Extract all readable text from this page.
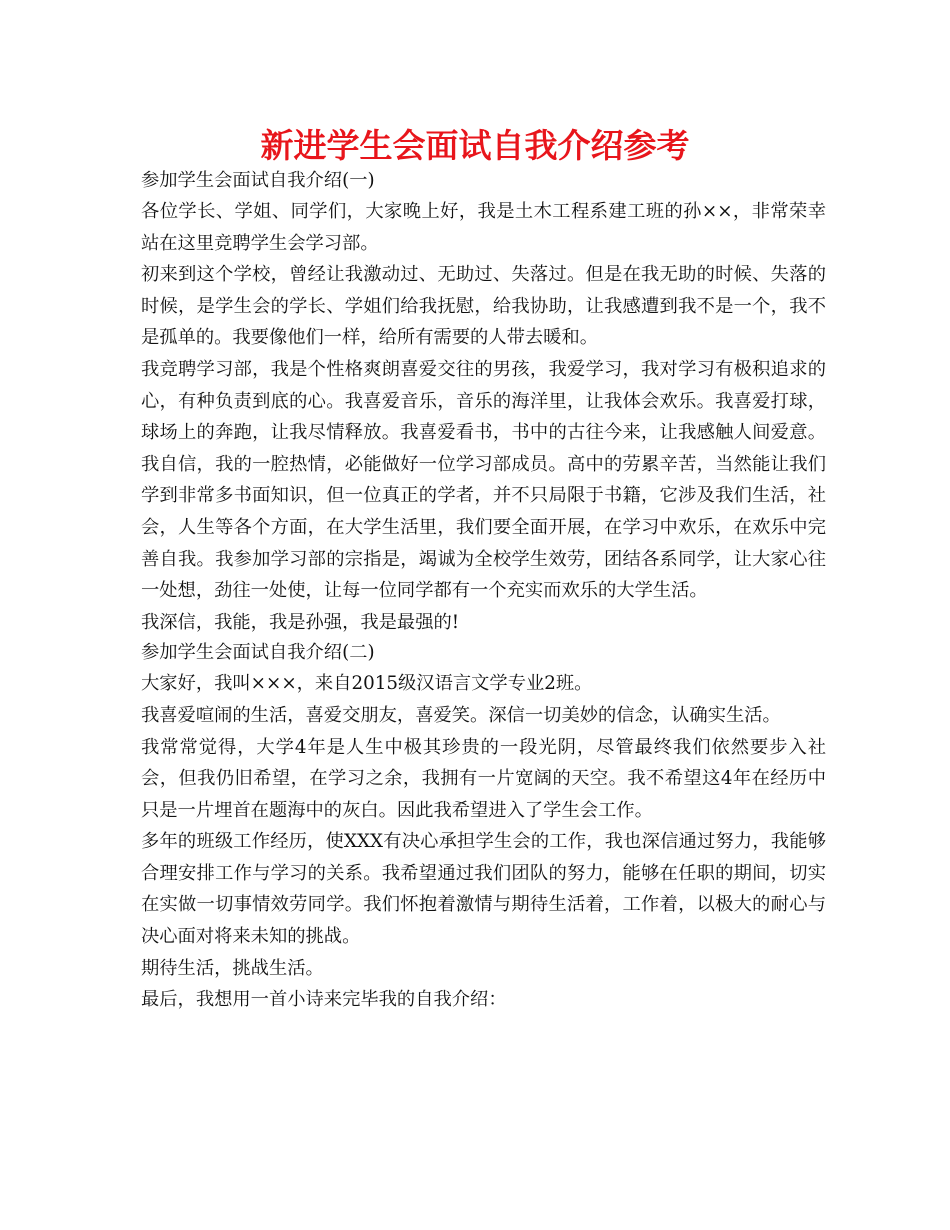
新进学生会面试自我介绍参考

参加学生会面试自我介绍(一)

各位学长、学姐、同学们，大家晚上好，我是土木工程系建工班的孙××，非常荣幸站在这里竞聘学生会学习部。

初来到这个学校，曾经让我激动过、无助过、失落过。但是在我无助的时候、失落的时候，是学生会的学长、学姐们给我抚慰，给我协助，让我感遭到我不是一个，我不是孤单的。我要像他们一样，给所有需要的人带去暖和。

我竞聘学习部，我是个性格爽朗喜爱交往的男孩，我爱学习，我对学习有极积追求的心，有种负责到底的心。我喜爱音乐，音乐的海洋里，让我体会欢乐。我喜爱打球，球场上的奔跑，让我尽情释放。我喜爱看书，书中的古往今来，让我感触人间爱意。我自信，我的一腔热情，必能做好一位学习部成员。高中的劳累辛苦，当然能让我们学到非常多书面知识，但一位真正的学者，并不只局限于书籍，它涉及我们生活，社会，人生等各个方面，在大学生活里，我们要全面开展，在学习中欢乐，在欢乐中完善自我。我参加学习部的宗指是，竭诚为全校学生效劳，团结各系同学，让大家心往一处想，劲往一处使，让每一位同学都有一个充实而欢乐的大学生活。

我深信，我能，我是孙强，我是最强的!

参加学生会面试自我介绍(二)

大家好，我叫×××，来自2015级汉语言文学专业2班。

我喜爱喧闹的生活，喜爱交朋友，喜爱笑。深信一切美妙的信念，认确实生活。

我常常觉得，大学4年是人生中极其珍贵的一段光阴，尽管最终我们依然要步入社会，但我仍旧希望，在学习之余，我拥有一片宽阔的天空。我不希望这4年在经历中只是一片埋首在题海中的灰白。因此我希望进入了学生会工作。

多年的班级工作经历，使XXX有决心承担学生会的工作，我也深信通过努力，我能够合理安排工作与学习的关系。我希望通过我们团队的努力，能够在任职的期间，切实在实做一切事情效劳同学。我们怀抱着激情与期待生活着，工作着，以极大的耐心与决心面对将来未知的挑战。

期待生活，挑战生活。

最后，我想用一首小诗来完毕我的自我介绍：
